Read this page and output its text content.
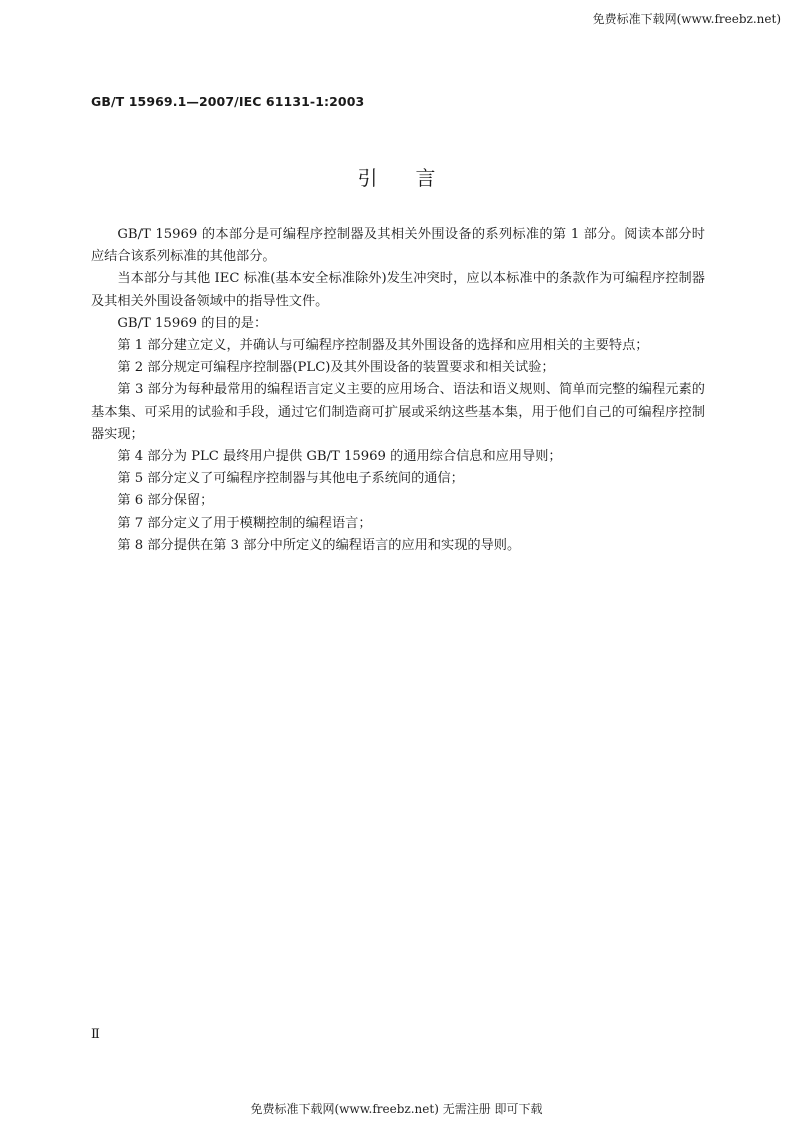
免费标准下载网(www.freebz.net)
GB/T 15969.1—2007/IEC 61131-1:2003
引言

GB/T 15969 的本部分是可编程序控制器及其相关外围设备的系列标准的第 1 部分。阅读本部分时应结合该系列标准的其他部分。

当本部分与其他 IEC 标准(基本安全标准除外)发生冲突时，应以本标准中的条款作为可编程序控制器及其相关外围设备领域中的指导性文件。

GB/T 15969 的目的是：

第 1 部分建立定义，并确认与可编程序控制器及其外围设备的选择和应用相关的主要特点；

第 2 部分规定可编程序控制器(PLC)及其外围设备的装置要求和相关试验；

第 3 部分为每种最常用的编程语言定义主要的应用场合、语法和语义规则、简单而完整的编程元素的基本集、可采用的试验和手段，通过它们制造商可扩展或采纳这些基本集，用于他们自己的可编程序控制器实现；

第 4 部分为 PLC 最终用户提供 GB/T 15969 的通用综合信息和应用导则；

第 5 部分定义了可编程序控制器与其他电子系统间的通信；

第 6 部分保留；

第 7 部分定义了用于模糊控制的编程语言；

第 8 部分提供在第 3 部分中所定义的编程语言的应用和实现的导则。

Ⅱ
免费标准下载网(www.freebz.net) 无需注册 即可下载
